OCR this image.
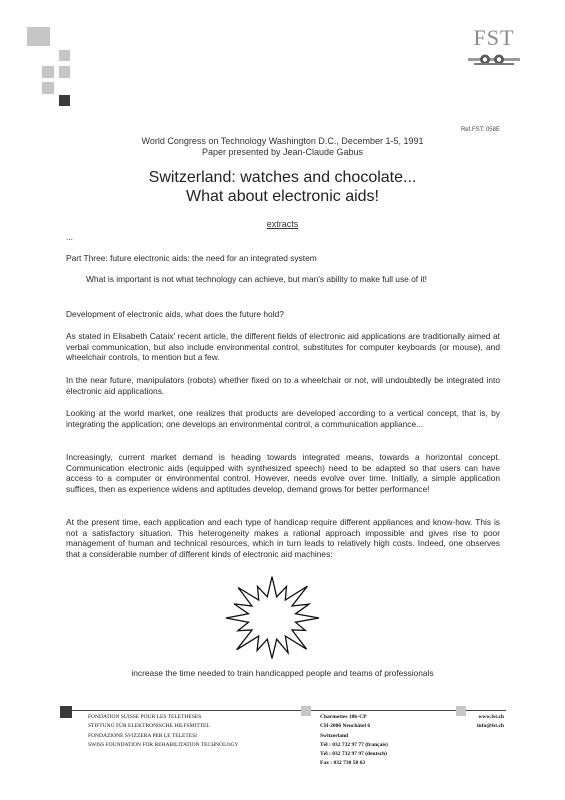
FST
Ref.FST: 058E
World Congress on Technology Washington D.C., December 1-5, 1991
Paper presented by Jean-Claude Gabus
Switzerland: watches and chocolate...
What about electronic aids!
extracts
...
Part Three: future electronic aids: the need for an integrated system
What is important is not what technology can achieve, but man's ability to make full use of it!
Development of electronic aids, what does the future hold?
As stated in Elisabeth Cataix' recent article, the different fields of electronic aid applications are traditionally aimed at verbal communication, but also include environmental control, substitutes for computer keyboards (or mouse), and wheelchair controls, to mention but a few.
In the near future, manipulators (robots) whether fixed on to a wheelchair or not, will undoubtedly be integrated into electronic aid applications.
Looking at the world market, one realizes that products are developed according to a vertical concept, that is, by integrating the application; one develops an environmental control, a communication appliance...
Increasingly, current market demand is heading towards integrated means, towards a horizontal concept. Communication electronic aids (equipped with synthesized speech) need to be adapted so that users can have access to a computer or environmental control. However, needs evolve over time. Initially, a simple application suffices, then as experience widens and aptitudes develop, demand grows for better performance!
At the present time, each application and each type of handicap require different appliances and know-how. This is not a satisfactory situation. This heterogeneity makes a rational approach impossible and gives rise to poor management of human and technical resources, which in turn leads to relatively high costs. Indeed, one observes that a considerable number of different kinds of electronic aid machines:
increase the time needed to train handicapped people and teams of professionals
FONDATION SUISSE POUR LES TELETHESES
STIFTUNG FÜR ELEKTRONISCHE HILFSMITTEL
FONDAZIONE SVIZZERA PER LE TELETESI
SWISS FOUNDATION FOR REHABILITATION TECHNOLOGY
Charmettes 10b-CP
CH-2006 Neuchâtel 6
Switzerland
Tél : 032 732 97 77 (français)
Tél : 032 732 97 97 (deutsch)
Fax : 032 730 58 63
www.fst.ch
info@fst.ch
